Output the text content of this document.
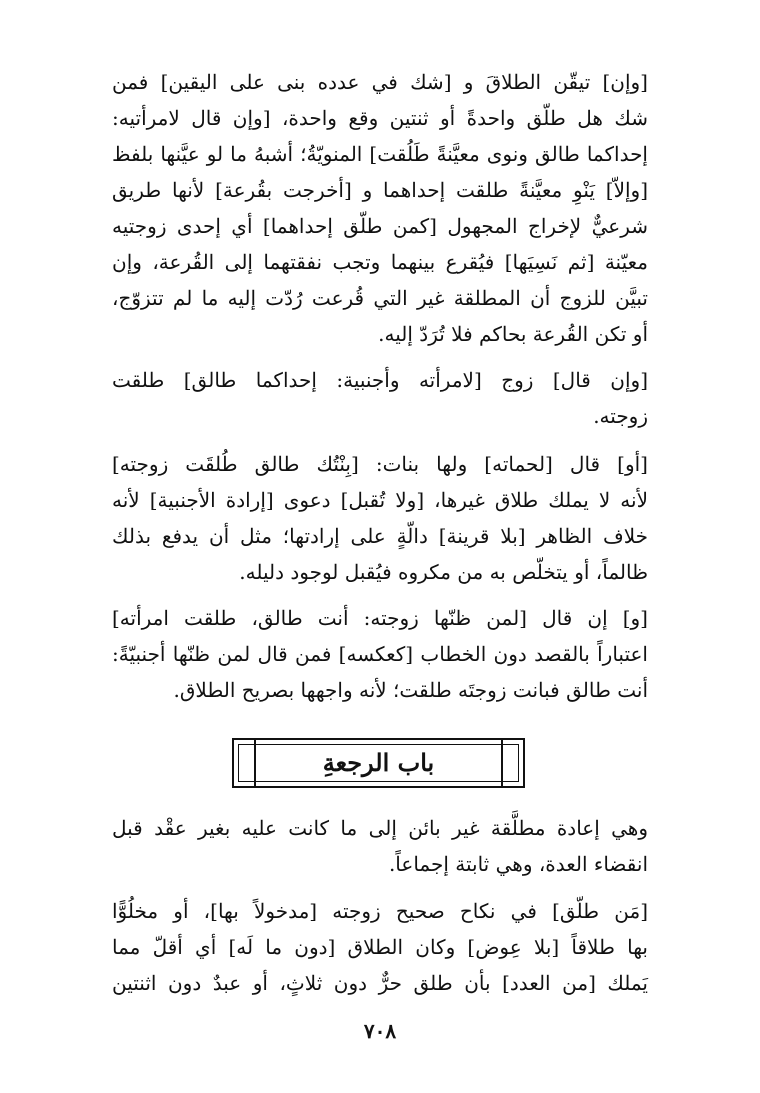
[وإن] تيقّن الطلاقَ و [شك في عدده بنى على اليقين] فمن
شك هل طلّق واحدةً أو ثنتين وقع واحدة، [وإن قال لامرأتيه:
إحداكما طالق ونوى معيَّنةً طَلُقت] المنويّةُ؛ أشبهُ ما لو عيَّنها بلفظ
[وإلاّ] يَنْوِ معيَّنةً طلقت إحداهما و [أخرجت بقُرعة] لأنها طريق
شرعيٌّ لإخراج المجهول [كمن طلّق إحداهما] أي إحدى زوجتيه
معيّنة [ثم نَسِيَها] فيُقرع بينهما وتجب نفقتهما إلى القُرعة، وإن
تبيَّن للزوج أن المطلقة غير التي قُرعت رُدّت إليه ما لم تتزوّج،
أو تكن القُرعة بحاكم فلا تُرَدّ إليه.
[وإن قال] زوج [لامرأته وأجنبية: إحداكما طالق] طلقت
زوجته.
[أو] قال [لحماته] ولها بنات: [بِنْتُك طالق طُلقَت زوجته]
لأنه لا يملك طلاق غيرها، [ولا تُقبل] دعوى [إرادة الأجنبية] لأنه
خلاف الظاهر [بلا قرينة] دالّةٍ على إرادتها؛ مثل أن يدفع بذلك
ظالماً، أو يتخلّص به من مكروه فيُقبل لوجود دليله.
[و] إن قال [لمن ظنّها زوجته: أنت طالق، طلقت امرأته]
اعتباراً بالقصد دون الخطاب [كعكسه] فمن قال لمن ظنّها أجنبيّةً:
أنت طالق فبانت زوجتَه طلقت؛ لأنه واجهها بصريح الطلاق.
باب الرجعةِ
وهي إعادة مطلَّقة غير بائن إلى ما كانت عليه بغير عقْد قبل
انقضاء العدة، وهي ثابتة إجماعاً.
[مَن طلّق] في نكاح صحيح زوجته [مدخولاً بها]، أو مخلُوًّا
بها طلاقاً [بلا عِوض] وكان الطلاق [دون ما لَه] أي أقلّ مما
يَملك [من العدد] بأن طلق حرٌّ دون ثلاثٍ، أو عبدٌ دون اثنتين
٧٠٨
